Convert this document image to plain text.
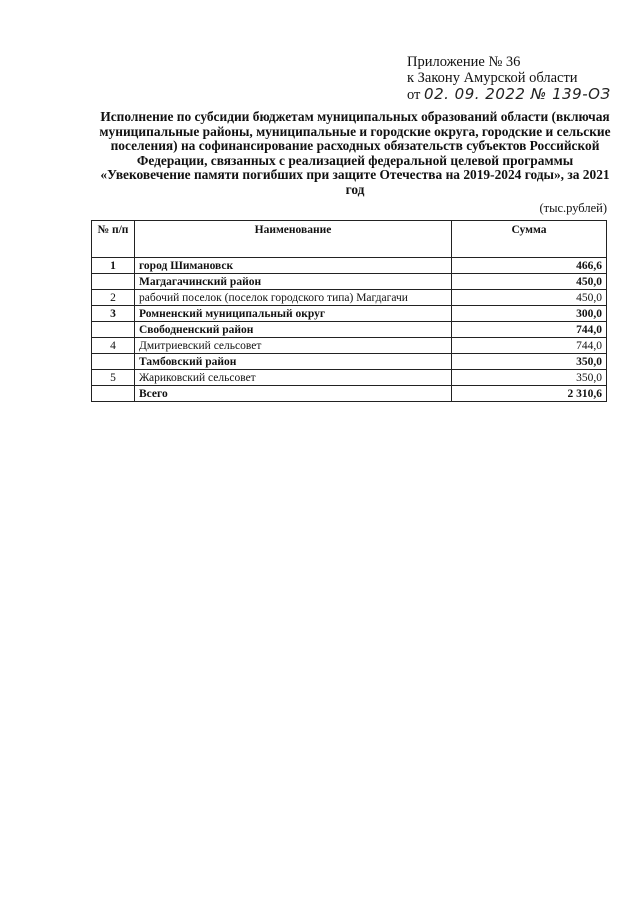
Приложение № 36
к Закону Амурской области
от 02. 09. 2022 № 139-ОЗ
Исполнение по субсидии бюджетам муниципальных образований области (включая муниципальные районы, муниципальные и городские округа, городские и сельские поселения) на софинансирование расходных обязательств субъектов Российской Федерации, связанных с реализацией федеральной целевой программы «Увековечение памяти погибших при защите Отечества на 2019-2024 годы», за 2021 год
(тыс.рублей)
№ п/п	Наименование	Сумма
1	город Шимановск	466,6
	Магдагачинский район	450,0
2	рабочий поселок (поселок городского типа) Магдагачи	450,0
3	Ромненский муниципальный округ	300,0
	Свободненский район	744,0
4	Дмитриевский сельсовет	744,0
	Тамбовский район	350,0
5	Жариковский сельсовет	350,0
	Всего	2 310,6
